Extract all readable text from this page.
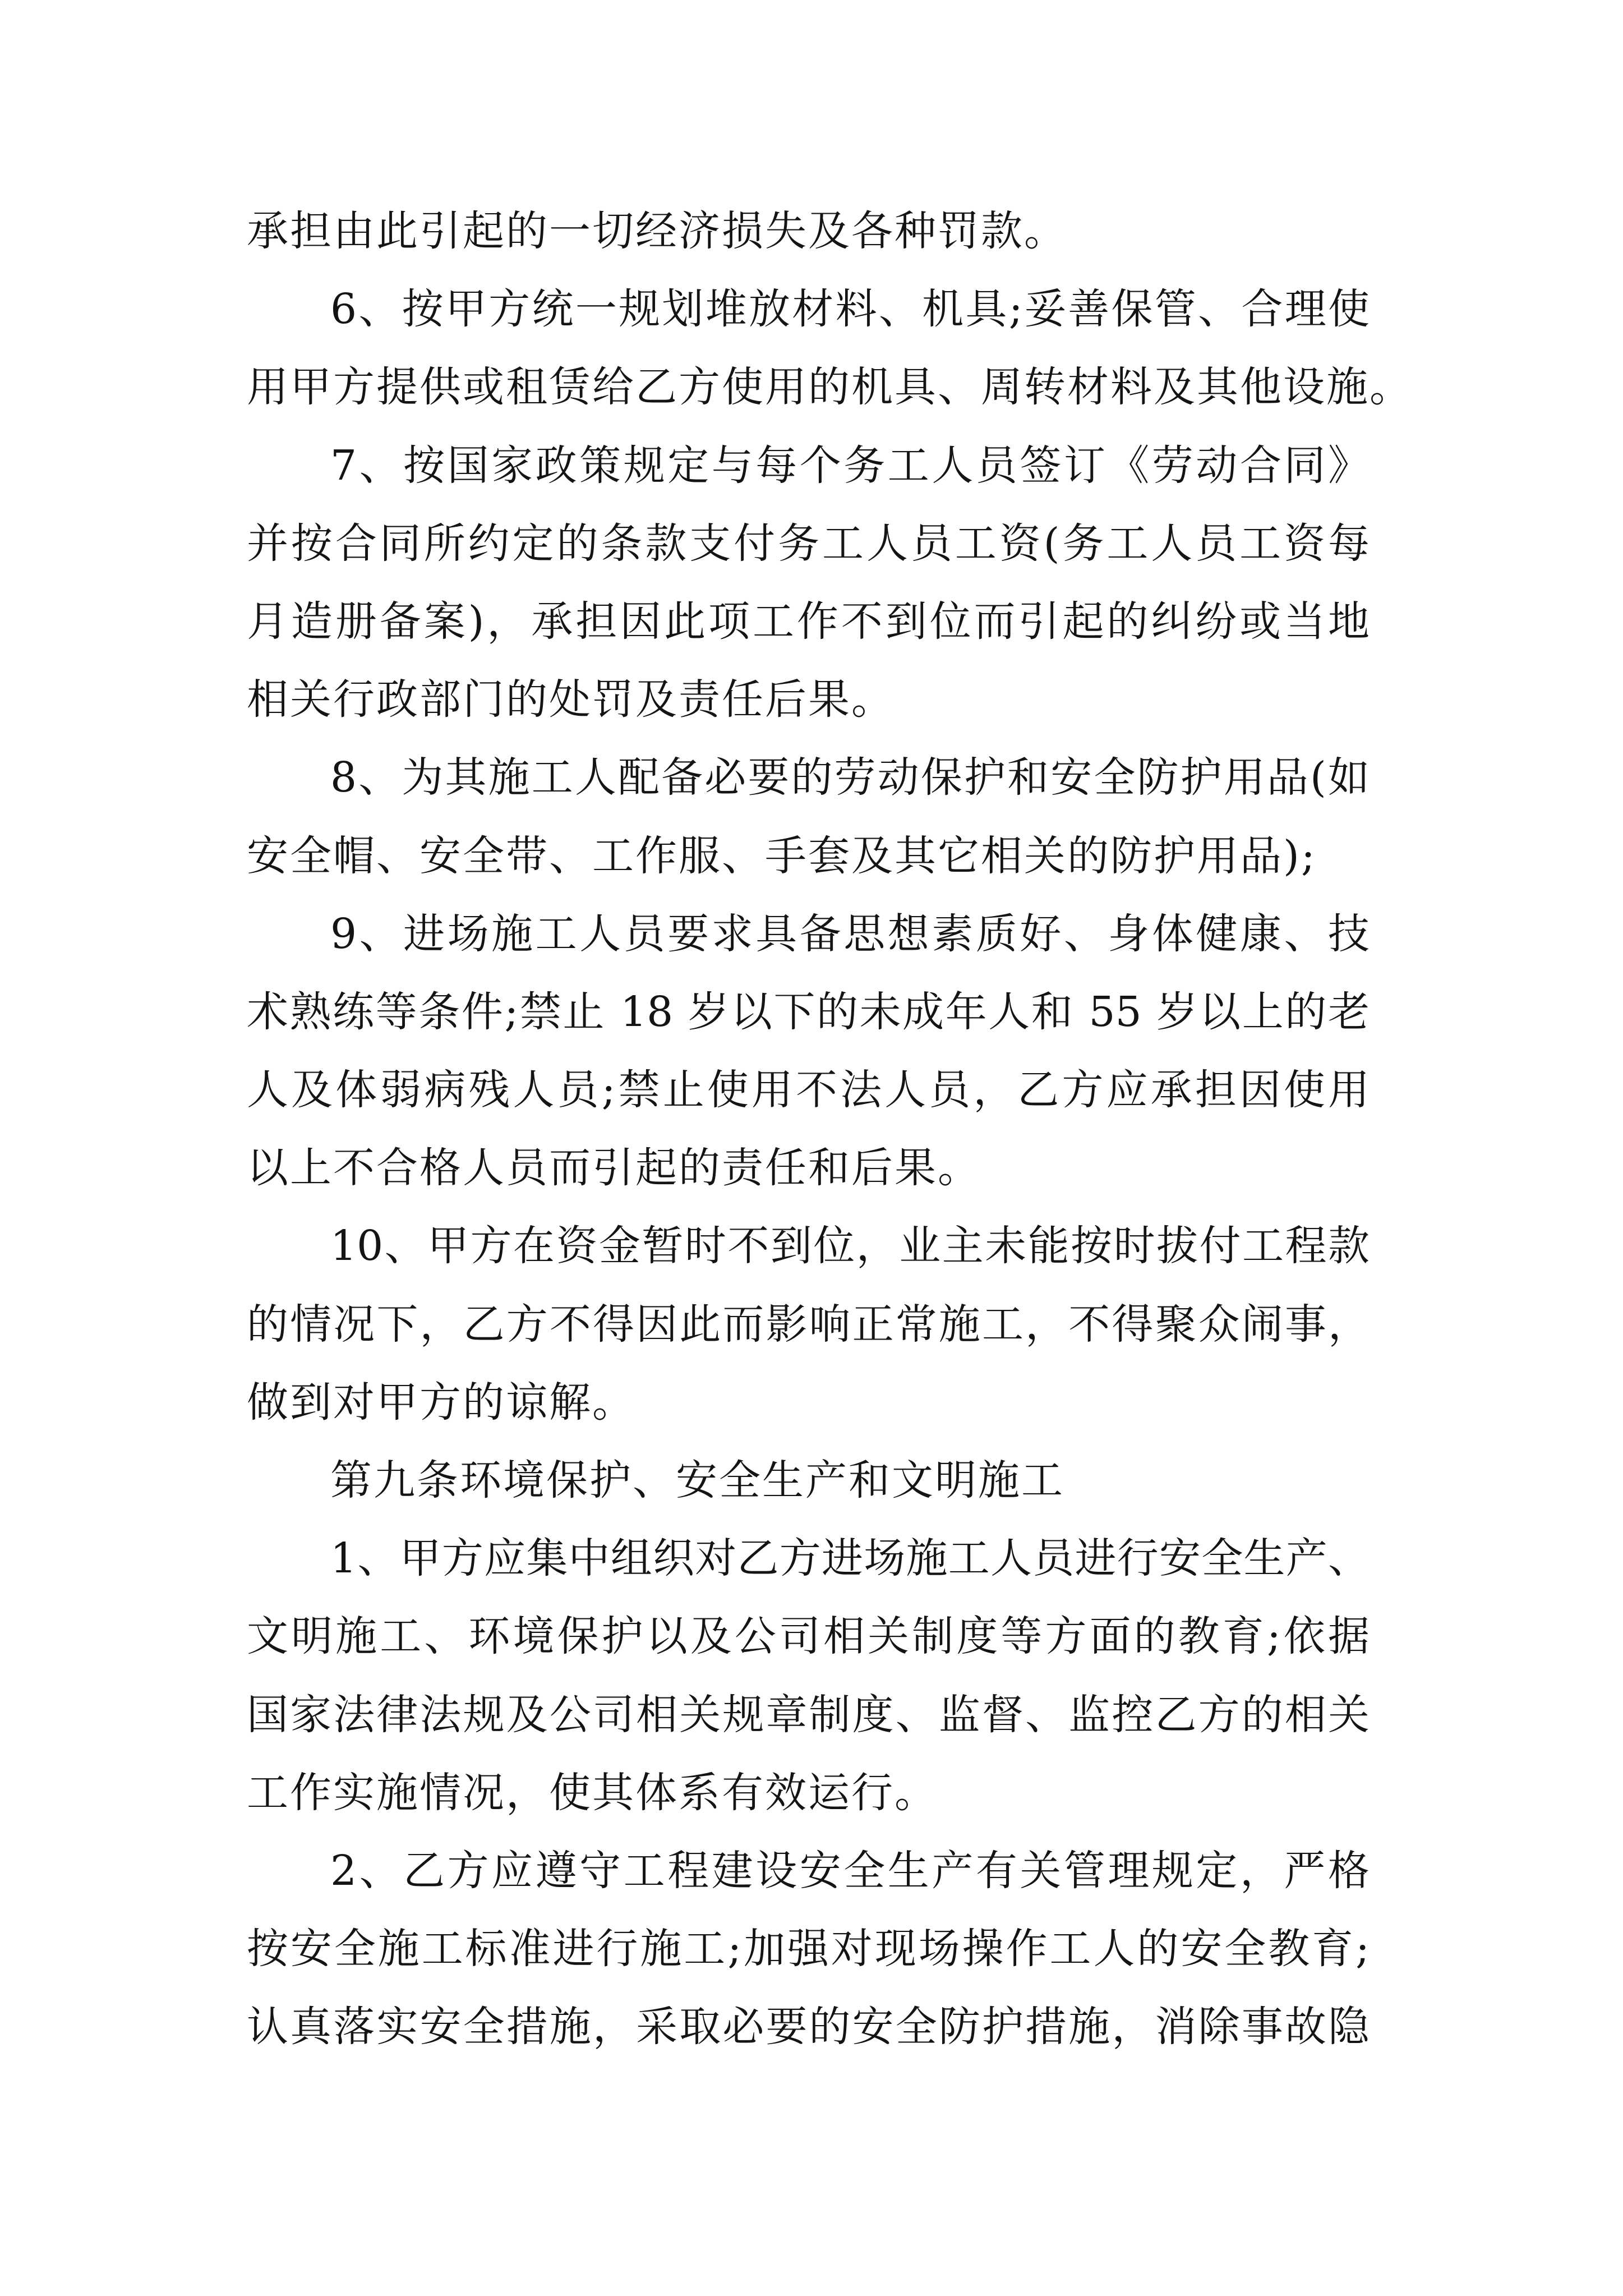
承担由此引起的一切经济损失及各种罚款。
6、按甲方统一规划堆放材料、机具;妥善保管、合理使
用甲方提供或租赁给乙方使用的机具、周转材料及其他设施。
7、按国家政策规定与每个务工人员签订《劳动合同》
并按合同所约定的条款支付务工人员工资(务工人员工资每
月造册备案)，承担因此项工作不到位而引起的纠纷或当地
相关行政部门的处罚及责任后果。
8、为其施工人配备必要的劳动保护和安全防护用品(如
安全帽、安全带、工作服、手套及其它相关的防护用品);
9、进场施工人员要求具备思想素质好、身体健康、技
术熟练等条件;禁止 18 岁以下的未成年人和 55 岁以上的老
人及体弱病残人员;禁止使用不法人员，乙方应承担因使用
以上不合格人员而引起的责任和后果。
10、甲方在资金暂时不到位，业主未能按时拔付工程款
的情况下，乙方不得因此而影响正常施工，不得聚众闹事，
做到对甲方的谅解。
第九条环境保护、安全生产和文明施工
1、甲方应集中组织对乙方进场施工人员进行安全生产、
文明施工、环境保护以及公司相关制度等方面的教育;依据
国家法律法规及公司相关规章制度、监督、监控乙方的相关
工作实施情况，使其体系有效运行。
2、乙方应遵守工程建设安全生产有关管理规定，严格
按安全施工标准进行施工;加强对现场操作工人的安全教育;
认真落实安全措施，采取必要的安全防护措施，消除事故隐
